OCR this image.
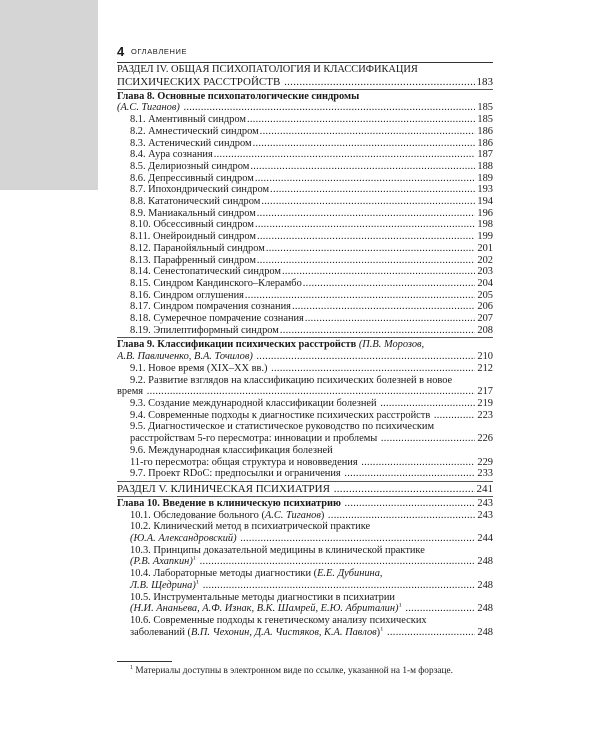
4 ОГЛАВЛЕНИЕ
РАЗДЕЛ IV. ОБЩАЯ ПСИХОПАТОЛОГИЯ И КЛАССИФИКАЦИЯ
ПСИХИЧЕСКИХ РАССТРОЙСТВ	183
.....
Глава 8. Основные психопатологические синдромы
(А.С. Тиганов)	185
.....
8.1. Аментивный синдром	185
.....
8.2. Амнестический синдром	186
.....
8.3. Астенический синдром	186
.....
8.4. Аура сознания	187
.....
8.5. Делириозный синдром	188
.....
8.6. Депрессивный синдром	189
.....
8.7. Ипохондрический синдром	193
.....
8.8. Кататонический синдром	194
.....
8.9. Маниакальный синдром	196
.....
8.10. Обсессивный синдром	198
.....
8.11. Онейроидный синдром	199
.....
8.12. Паранойяльный синдром	201
.....
8.13. Парафренный синдром	202
.....
8.14. Сенестопатический синдром	203
.....
8.15. Синдром Кандинского–Клерамбо	204
.....
8.16. Синдром оглушения	205
.....
8.17. Синдром помрачения сознания	206
.....
8.18. Сумеречное помрачение сознания	207
.....
8.19. Эпилептиформный синдром	208
.....
Глава 9. Классификации психических расстройств (П.В. Морозов,
А.В. Павличенко, В.А. Точилов)	210
.....
9.1. Новое время (XIX–XX вв.)	212
.....
9.2. Развитие взглядов на классификацию психических болезней в новое
время	217
.....
9.3. Создание международной классификации болезней	219
.....
9.4. Современные подходы к диагностике психических расстройств	223
.....
9.5. Диагностическое и статистическое руководство по психическим
расстройствам 5-го пересмотра: инновации и проблемы	226
.....
9.6. Международная классификация болезней
11-го пересмотра: общая структура и нововведения	229
.....
9.7. Проект RDoC: предпосылки и ограничения	233
.....
РАЗДЕЛ V. КЛИНИЧЕСКАЯ ПСИХИАТРИЯ	241
.....
Глава 10. Введение в клиническую психиатрию	243
.....
10.1. Обследование больного (А.С. Тиганов)	243
.....
10.2. Клинический метод в психиатрической практике
(Ю.А. Александровский)	244
.....
10.3. Принципы доказательной медицины в клинической практике
(Р.В. Ахапкин)$^1$	248
.....
10.4. Лабораторные методы диагностики (Е.Е. Дубинина,
Л.В. Щедрина)$^1$	248
.....
10.5. Инструментальные методы диагностики в психиатрии
(Н.И. Ананьева, А.Ф. Изнак, В.К. Шамрей, Е.Ю. Абриталин)$^1$	248
.....
10.6. Современные подходы к генетическому анализу психических
заболеваний (В.П. Чехонин, Д.А. Чистяков, К.А. Павлов)$^1$	248
.....
$^1$ Материалы доступны в электронном виде по ссылке, указанной на 1-м форзаце.
